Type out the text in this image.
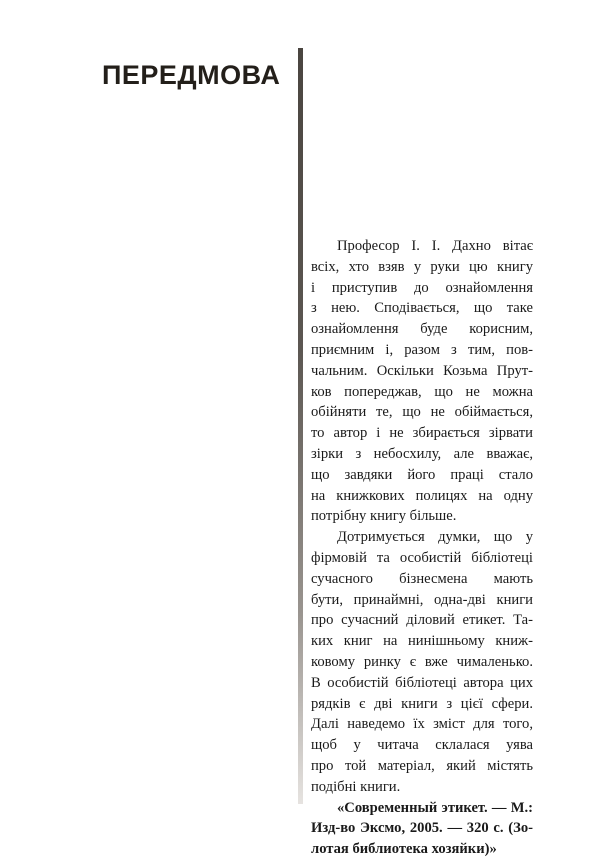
ПЕРЕДМОВА

Професор І. І. Дахно вітає
всіх, хто взяв у руки цю книгу
і приступив до ознайомлення
з нею. Сподівається, що таке
ознайомлення буде корисним,
приємним і, разом з тим, пов-
чальним. Оскільки Козьма Прут-
ков попереджав, що не можна
обійняти те, що не обіймається,
то автор і не збирається зірвати
зірки з небосхилу, але вважає,
що завдяки його праці стало
на книжкових полицях на одну
потрібну книгу більше.

Дотримується думки, що у
фірмовій та особистій бібліотеці
сучасного бізнесмена мають
бути, принаймні, одна-дві книги
про сучасний діловий етикет. Та-
ких книг на нинішньому книж-
ковому ринку є вже чималенько.
В особистій бібліотеці автора цих
рядків є дві книги з цієї сфери.
Далі наведемо їх зміст для того,
щоб у читача склалася уява
про той матеріал, який містять
подібні книги.

«Современный этикет. — М.:
Изд-во Эксмо, 2005. — 320 с. (Зо-
лотая библиотека хозяйки)»
